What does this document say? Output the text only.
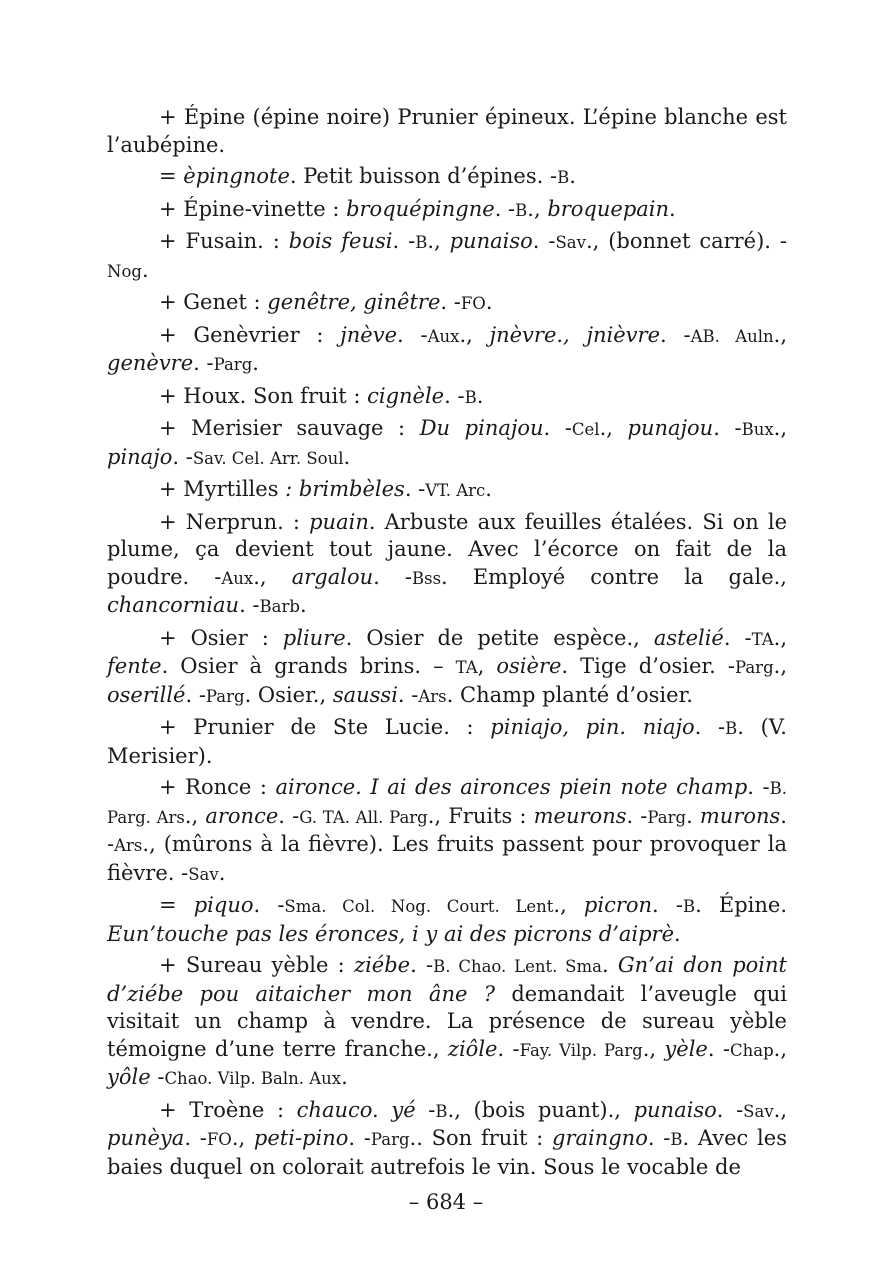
+ Épine (épine noire) Prunier épineux. L’épine blanche est l’aubépine.

= èpingnote. Petit buisson d’épines. -B.

+ Épine-vinette : broquépingne. -B., broquepain.

+ Fusain. : bois feusi. -B., punaiso. -Sav., (bonnet carré). -Nog.

+ Genet : genêtre, ginêtre. -FO.

+ Genèvrier : jnève. -Aux., jnèvre., jnièvre. -AB. Auln., genèvre. -Parg.

+ Houx. Son fruit : cignèle. -B.

+ Merisier sauvage : Du pinajou. -Cel., punajou. -Bux., pinajo. -Sav. Cel. Arr. Soul.

+ Myrtilles : brimbèles. -VT. Arc.

+ Nerprun. : puain. Arbuste aux feuilles étalées. Si on le plume, ça devient tout jaune. Avec l’écorce on fait de la poudre. -Aux., argalou. -Bss. Employé contre la gale., chancorniau. -Barb.

+ Osier : pliure. Osier de petite espèce., astelié. -TA., fente. Osier à grands brins. – TA, osière. Tige d’osier. -Parg., oserillé. -Parg. Osier., saussi. -Ars. Champ planté d’osier.

+ Prunier de Ste Lucie. : piniajo, pin. niajo. -B. (V. Merisier).

+ Ronce : aironce. I ai des aironces piein note champ. -B. Parg. Ars., aronce. -G. TA. All. Parg., Fruits : meurons. -Parg. murons. -Ars., (mûrons à la fièvre). Les fruits passent pour provoquer la fièvre. -Sav.

= piquo. -Sma. Col. Nog. Court. Lent., picron. -B. Épine. Eun’touche pas les éronces, i y ai des picrons d’aiprè.

+ Sureau yèble : ziébe. -B. Chao. Lent. Sma. Gn’ai don point d’ziébe pou aitaicher mon âne ? demandait l’aveugle qui visitait un champ à vendre. La présence de sureau yèble témoigne d’une terre franche., ziôle. -Fay. Vilp. Parg., yèle. -Chap., yôle -Chao. Vilp. Baln. Aux.

+ Troène : chauco. yé -B., (bois puant)., punaiso. -Sav., punèya. -FO., peti-pino. -Parg.. Son fruit : graingno. -B. Avec les baies duquel on colorait autrefois le vin. Sous le vocable de

– 684 –
